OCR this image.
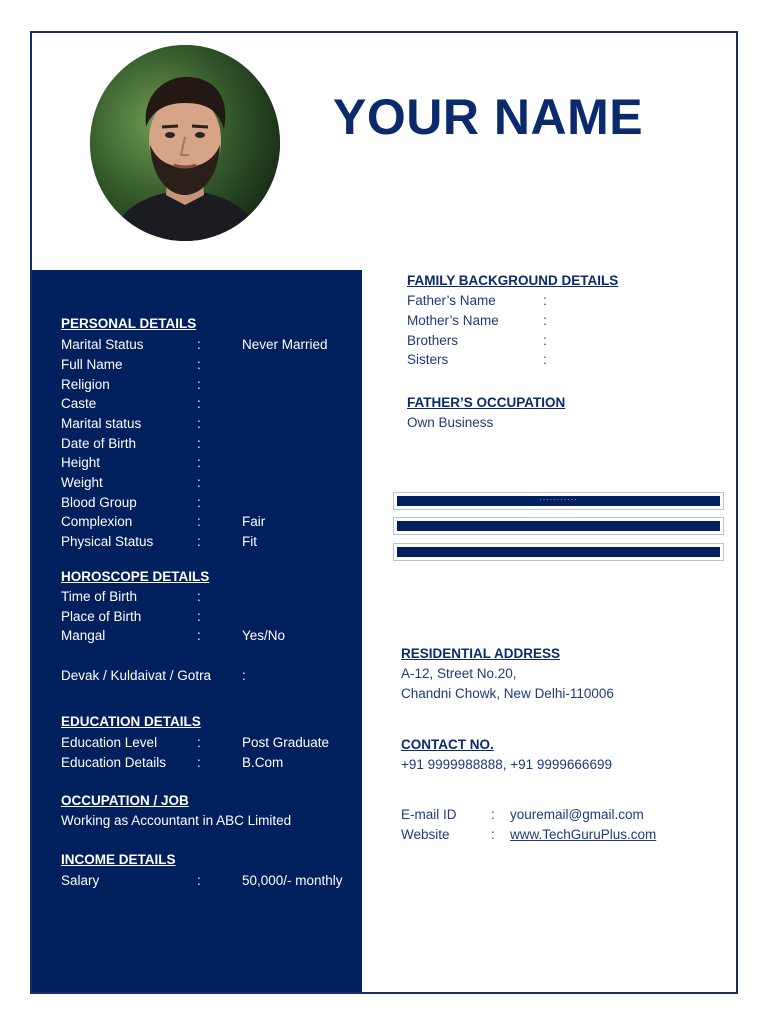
YOUR NAME
PERSONAL DETAILS
Marital Status	:	Never Married
Full Name	:
Religion	:
Caste	:
Marital status	:
Date of Birth	:
Height	:
Weight	:
Blood Group	:
Complexion	:	Fair
Physical Status	:	Fit
HOROSCOPE DETAILS
Time of Birth	:
Place of Birth	:
Mangal	:	Yes/No
Devak / Kuldaivat / Gotra :
EDUCATION DETAILS
Education Level	:	Post Graduate
Education Details :	B.Com
OCCUPATION / JOB
Working as Accountant in ABC Limited
INCOME DETAILS
Salary	:	50,000/- monthly
FAMILY BACKGROUND DETAILS
Father’s Name	:
Mother’s Name	:
Brothers	:
Sisters	:
FATHER’S OCCUPATION
Own Business
...........
RESIDENTIAL ADDRESS
A-12, Street No.20,
Chandni Chowk, New Delhi-110006
CONTACT NO.
+91 9999988888, +91 9999666699
E-mail ID	: youremail@gmail.com
Website	: www.TechGuruPlus.com
